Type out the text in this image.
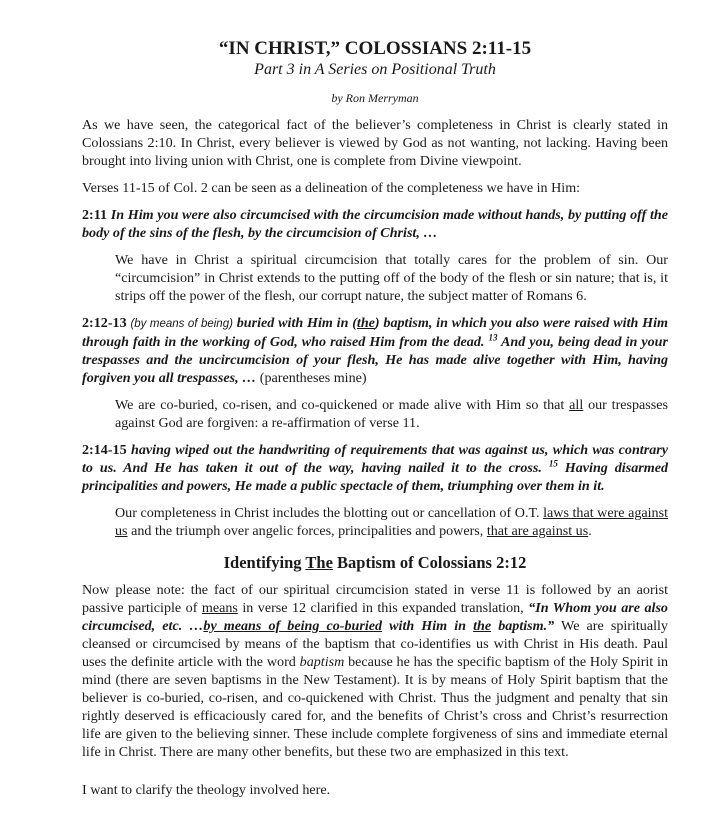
“IN CHRIST,” COLOSSIANS 2:11-15
Part 3 in A Series on Positional Truth
by Ron Merryman

As we have seen, the categorical fact of the believer’s completeness in Christ is clearly stated in Colossians 2:10. In Christ, every believer is viewed by God as not wanting, not lacking. Having been brought into living union with Christ, one is complete from Divine viewpoint.

Verses 11-15 of Col. 2 can be seen as a delineation of the completeness we have in Him:

2:11 In Him you were also circumcised with the circumcision made without hands, by putting off the body of the sins of the flesh, by the circumcision of Christ, …

We have in Christ a spiritual circumcision that totally cares for the problem of sin. Our “circumcision” in Christ extends to the putting off of the body of the flesh or sin nature; that is, it strips off the power of the flesh, our corrupt nature, the subject matter of Romans 6.

2:12-13 (by means of being) buried with Him in (the) baptism, in which you also were raised with Him through faith in the working of God, who raised Him from the dead. $^{13}$ And you, being dead in your trespasses and the uncircumcision of your flesh, He has made alive together with Him, having forgiven you all trespasses, … (parentheses mine)

We are co-buried, co-risen, and co-quickened or made alive with Him so that all our trespasses against God are forgiven: a re-affirmation of verse 11.

2:14-15 having wiped out the handwriting of requirements that was against us, which was contrary to us. And He has taken it out of the way, having nailed it to the cross. $^{15}$ Having disarmed principalities and powers, He made a public spectacle of them, triumphing over them in it.

Our completeness in Christ includes the blotting out or cancellation of O.T. laws that were against us and the triumph over angelic forces, principalities and powers, that are against us.

Identifying The Baptism of Colossians 2:12

Now please note: the fact of our spiritual circumcision stated in verse 11 is followed by an aorist passive participle of means in verse 12 clarified in this expanded translation, “In Whom you are also circumcised, etc. …by means of being co-buried with Him in the baptism.” We are spiritually cleansed or circumcised by means of the baptism that co-identifies us with Christ in His death. Paul uses the definite article with the word baptism because he has the specific baptism of the Holy Spirit in mind (there are seven baptisms in the New Testament). It is by means of Holy Spirit baptism that the believer is co-buried, co-risen, and co-quickened with Christ. Thus the judgment and penalty that sin rightly deserved is efficaciously cared for, and the benefits of Christ’s cross and Christ’s resurrection life are given to the believing sinner. These include complete forgiveness of sins and immediate eternal life in Christ. There are many other benefits, but these two are emphasized in this text.

I want to clarify the theology involved here.
